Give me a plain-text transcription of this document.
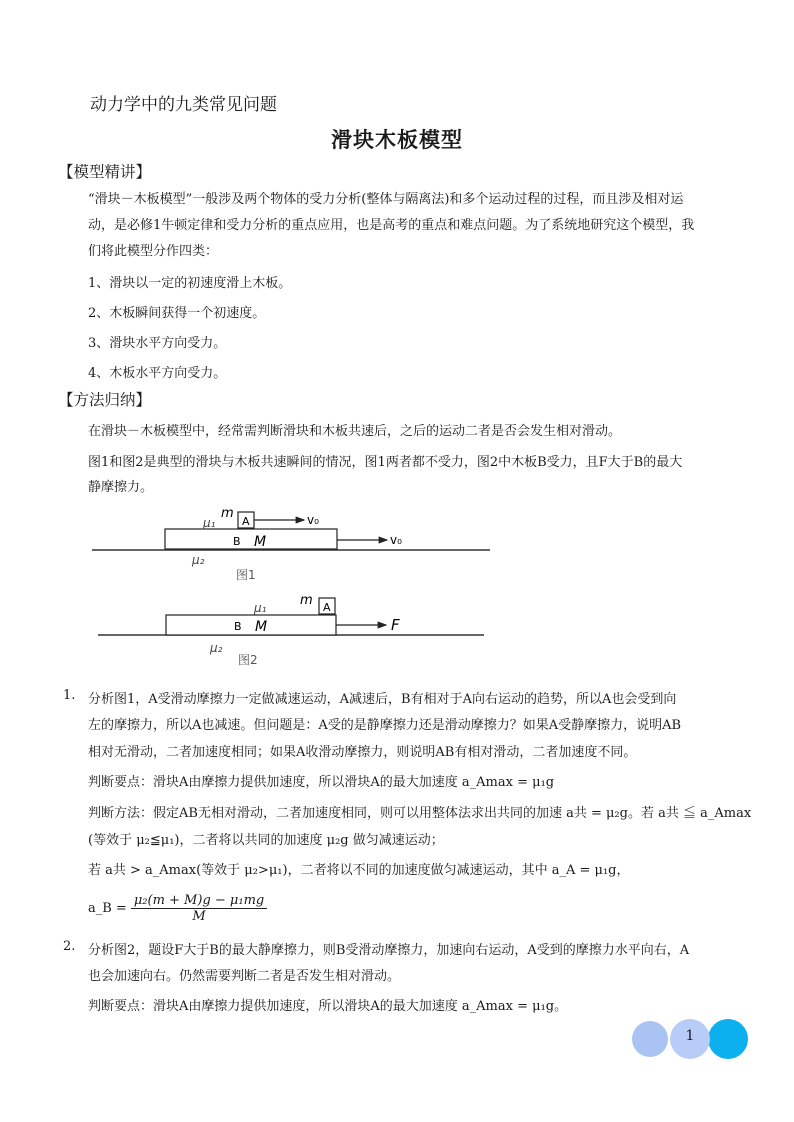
动力学中的九类常见问题
滑块木板模型
【模型精讲】
“滑块－木板模型”一般涉及两个物体的受力分析(整体与隔离法)和多个运动过程的过程，而且涉及相对运
动，是必修1牛顿定律和受力分析的重点应用，也是高考的重点和难点问题。为了系统地研究这个模型，我
们将此模型分作四类：
1、滑块以一定的初速度滑上木板。
2、木板瞬间获得一个初速度。
3、滑块水平方向受力。
4、木板水平方向受力。
【方法归纳】
在滑块－木板模型中，经常需判断滑块和木板共速后，之后的运动二者是否会发生相对滑动。
图1和图2是典型的滑块与木板共速瞬间的情况，图1两者都不受力，图2中木板B受力，且F大于B的最大
静摩擦力。
A
B M
m
μ₁
μ₂
v₀
v₀
图1
A
B M
m
μ₁
μ₂
F
图2
1. 分析图1，A受滑动摩擦力一定做减速运动，A减速后，B有相对于A向右运动的趋势，所以A也会受到向
左的摩擦力，所以A也减速。但问题是：A受的是静摩擦力还是滑动摩擦力？如果A受静摩擦力，说明AB
相对无滑动，二者加速度相同；如果A收滑动摩擦力，则说明AB有相对滑动，二者加速度不同。
判断要点：滑块A由摩擦力提供加速度，所以滑块A的最大加速度 a_Amax = μ₁g
判断方法：假定AB无相对滑动，二者加速度相同，则可以用整体法求出共同的加速 a共 = μ₂g。若 a共 ≦ a_Amax
(等效于 μ₂≦μ₁)，二者将以共同的加速度 μ₂g 做匀减速运动；
若 a共 > a_Amax(等效于 μ₂>μ₁)，二者将以不同的加速度做匀减速运动，其中 a_A = μ₁g，
a_B = $\frac{\text{μ₂(m + M)g − μ₁mg}}{M}$
2. 分析图2，题设F大于B的最大静摩擦力，则B受滑动摩擦力，加速向右运动，A受到的摩擦力水平向右，A
也会加速向右。仍然需要判断二者是否发生相对滑动。
判断要点：滑块A由摩擦力提供加速度，所以滑块A的最大加速度 a_Amax = μ₁g。
1
